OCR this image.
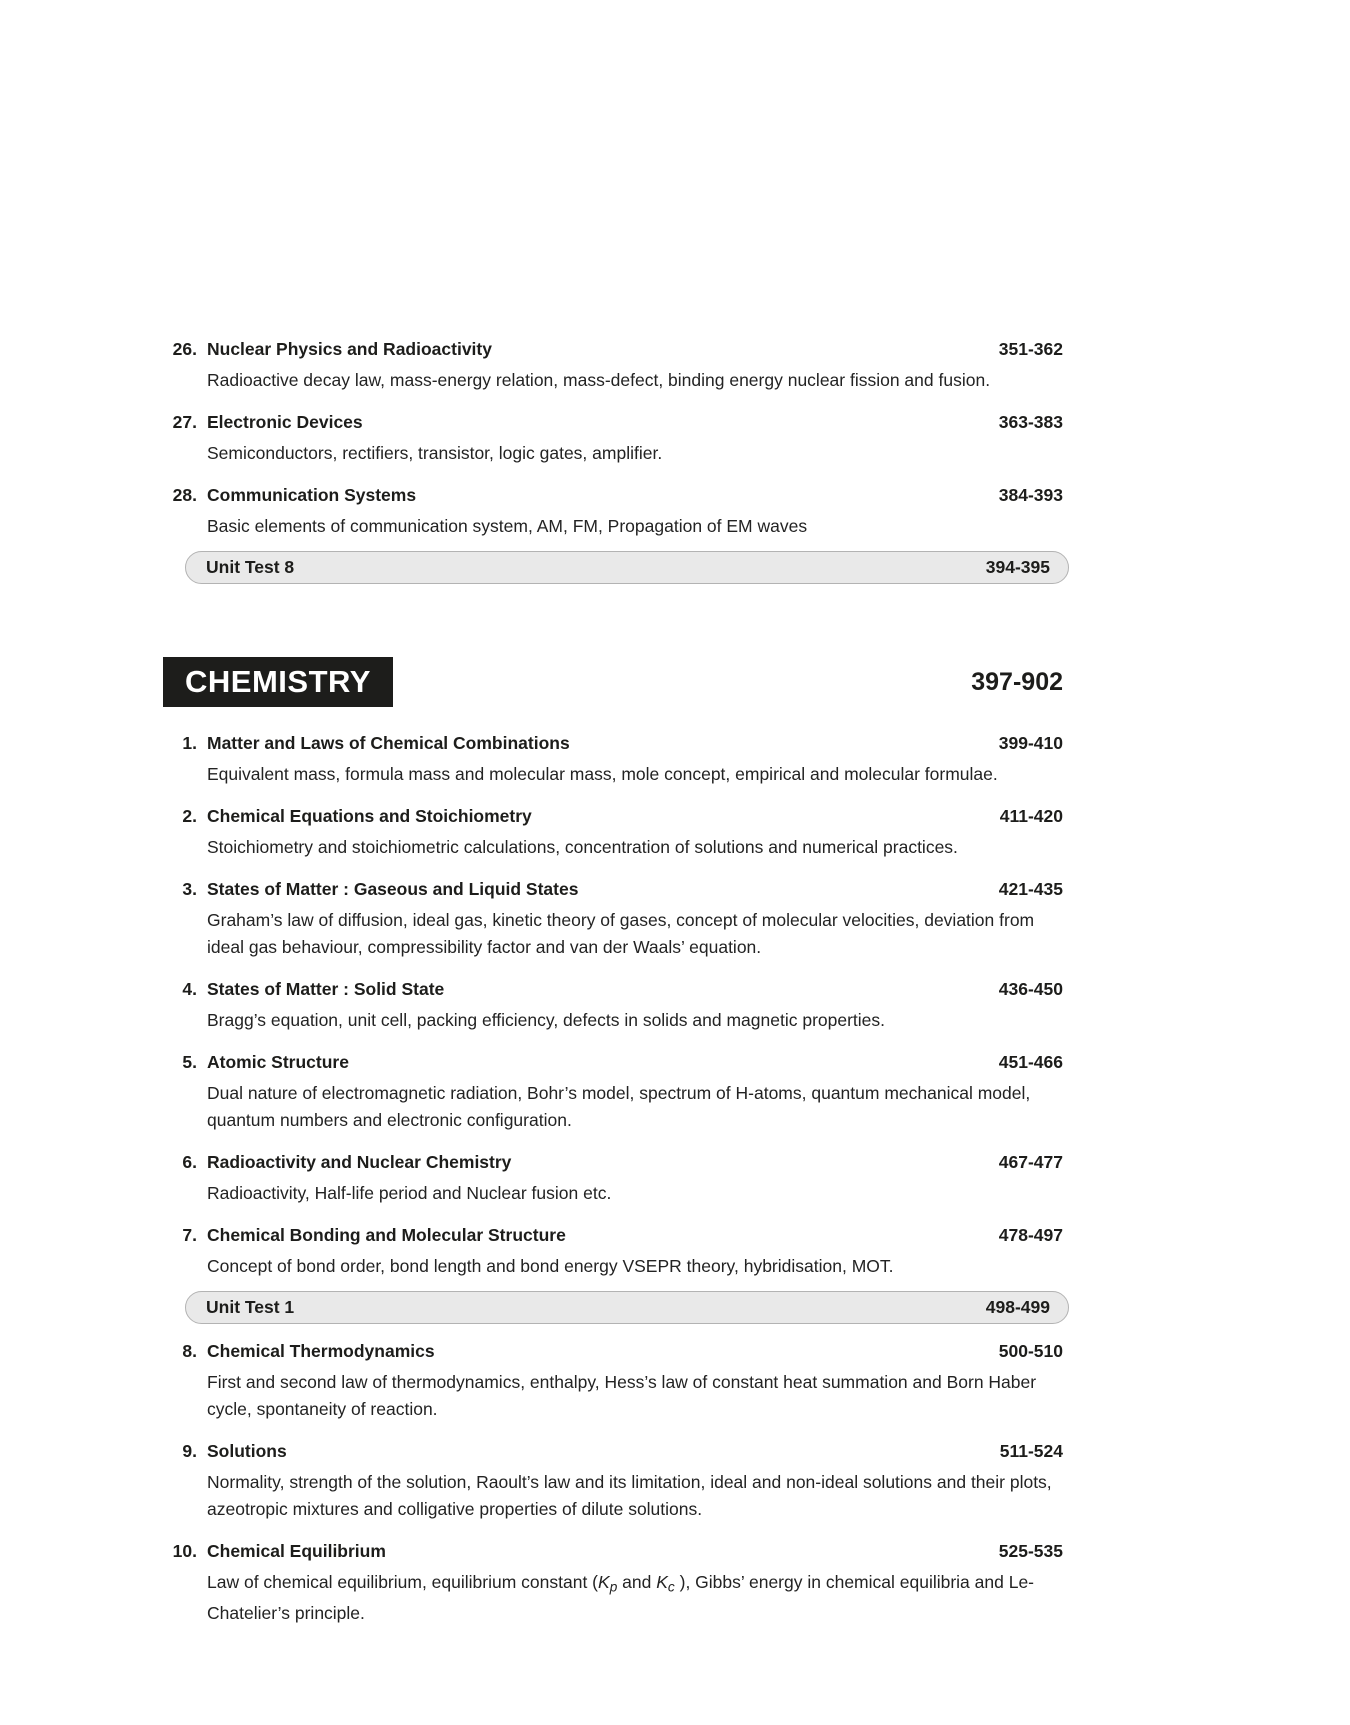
26. Nuclear Physics and Radioactivity	351-362
Radioactive decay law, mass-energy relation, mass-defect, binding energy nuclear fission and fusion.
27. Electronic Devices	363-383
Semiconductors, rectifiers, transistor, logic gates, amplifier.
28. Communication Systems	384-393
Basic elements of communication system, AM, FM, Propagation of EM waves
Unit Test 8	394-395
CHEMISTRY	397-902
1. Matter and Laws of Chemical Combinations	399-410
Equivalent mass, formula mass and molecular mass, mole concept, empirical and molecular formulae.
2. Chemical Equations and Stoichiometry	411-420
Stoichiometry and stoichiometric calculations, concentration of solutions and numerical practices.
3. States of Matter : Gaseous and Liquid States	421-435
Graham’s law of diffusion, ideal gas, kinetic theory of gases, concept of molecular velocities, deviation from ideal gas behaviour, compressibility factor and van der Waals’ equation.
4. States of Matter : Solid State	436-450
Bragg’s equation, unit cell, packing efficiency, defects in solids and magnetic properties.
5. Atomic Structure	451-466
Dual nature of electromagnetic radiation, Bohr’s model, spectrum of H-atoms, quantum mechanical model, quantum numbers and electronic configuration.
6. Radioactivity and Nuclear Chemistry	467-477
Radioactivity, Half-life period and Nuclear fusion etc.
7. Chemical Bonding and Molecular Structure	478-497
Concept of bond order, bond length and bond energy VSEPR theory, hybridisation, MOT.
Unit Test 1	498-499
8. Chemical Thermodynamics	500-510
First and second law of thermodynamics, enthalpy, Hess’s law of constant heat summation and Born Haber cycle, spontaneity of reaction.
9. Solutions	511-524
Normality, strength of the solution, Raoult’s law and its limitation, ideal and non-ideal solutions and their plots, azeotropic mixtures and colligative properties of dilute solutions.
10. Chemical Equilibrium	525-535
Law of chemical equilibrium, equilibrium constant (Kp and Kc ), Gibbs’ energy in chemical equilibria and Le-Chatelier’s principle.
